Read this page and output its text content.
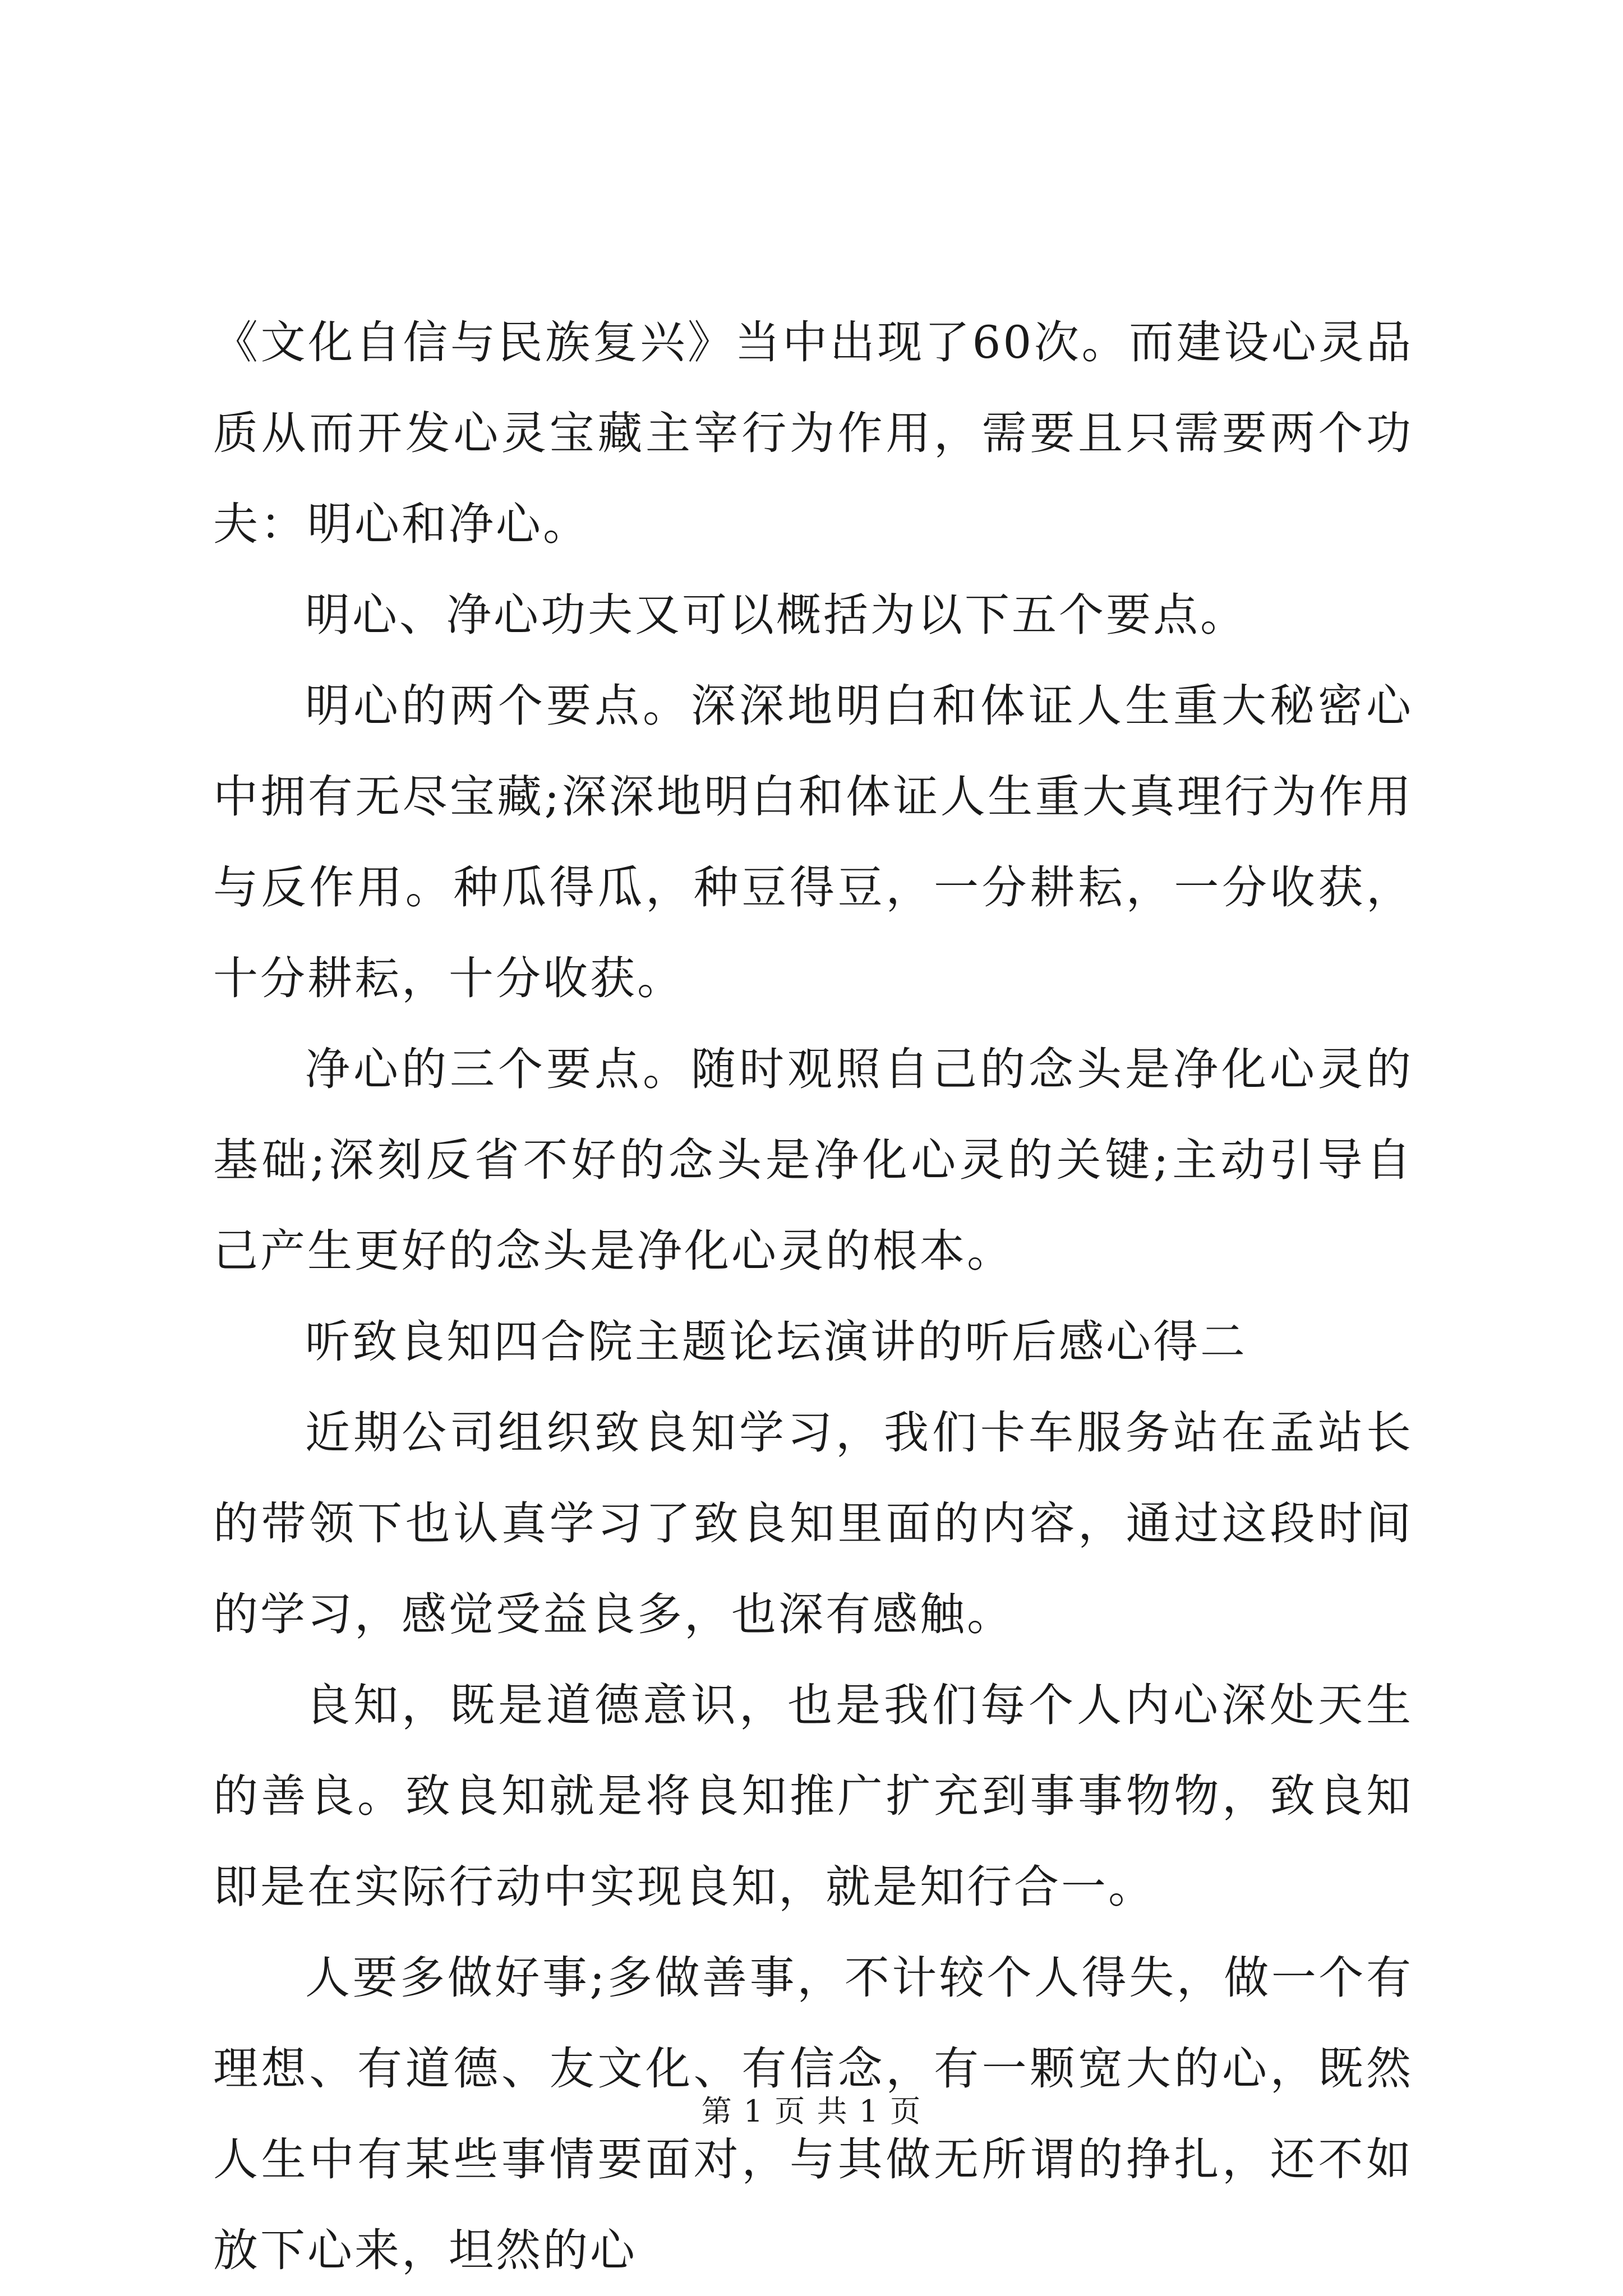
《文化自信与民族复兴》当中出现了60次。而建设心灵品质从而开发心灵宝藏主宰行为作用，需要且只需要两个功夫：明心和净心。

明心、净心功夫又可以概括为以下五个要点。

明心的两个要点。深深地明白和体证人生重大秘密心中拥有无尽宝藏;深深地明白和体证人生重大真理行为作用与反作用。种瓜得瓜，种豆得豆，一分耕耘，一分收获，十分耕耘，十分收获。

净心的三个要点。随时观照自己的念头是净化心灵的基础;深刻反省不好的念头是净化心灵的关键;主动引导自己产生更好的念头是净化心灵的根本。

听致良知四合院主题论坛演讲的听后感心得二

近期公司组织致良知学习，我们卡车服务站在孟站长的带领下也认真学习了致良知里面的内容，通过这段时间的学习，感觉受益良多，也深有感触。

良知，既是道德意识，也是我们每个人内心深处天生的善良。致良知就是将良知推广扩充到事事物物，致良知即是在实际行动中实现良知，就是知行合一。

人要多做好事;多做善事，不计较个人得失，做一个有理想、有道德、友文化、有信念，有一颗宽大的心，既然人生中有某些事情要面对，与其做无所谓的挣扎，还不如放下心来，坦然的心

第 1 页 共 1 页
